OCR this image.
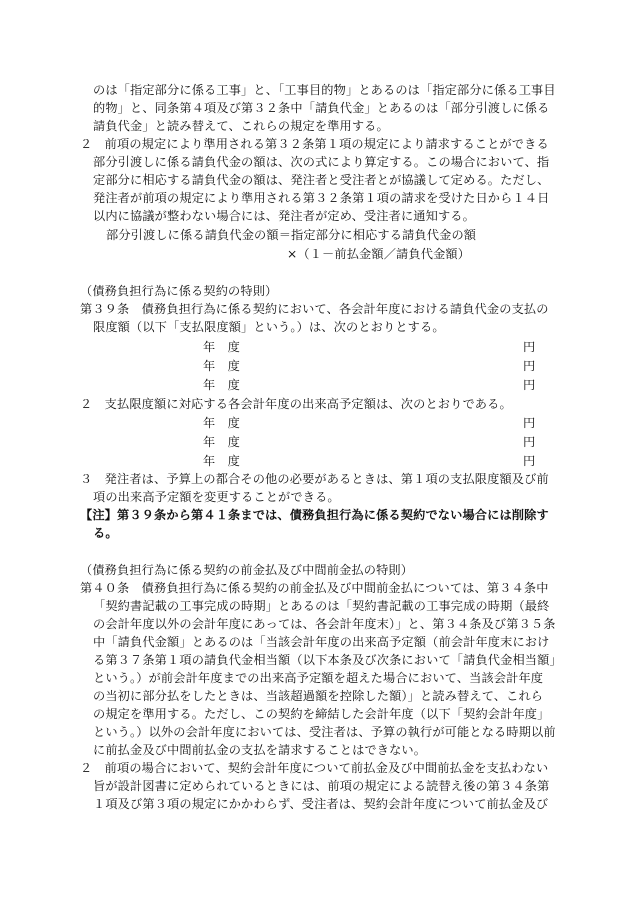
のは「指定部分に係る工事」と、「工事目的物」とあるのは「指定部分に係る工事目
的物」と、同条第４項及び第３２条中「請負代金」とあるのは「部分引渡しに係る
請負代金」と読み替えて、これらの規定を準用する。
２　前項の規定により準用される第３２条第１項の規定により請求することができる
部分引渡しに係る請負代金の額は、次の式により算定する。この場合において、指
定部分に相応する請負代金の額は、発注者と受注者とが協議して定める。ただし、
発注者が前項の規定により準用される第３２条第１項の請求を受けた日から１４日
以内に協議が整わない場合には、発注者が定め、受注者に通知する。
部分引渡しに係る請負代金の額＝指定部分に相応する請負代金の額
×（１－前払金額／請負代金額）
（債務負担行為に係る契約の特則）
第３９条　債務負担行為に係る契約において、各会計年度における請負代金の支払の
限度額（以下「支払限度額」という。）は、次のとおりとする。
年　度	円
年　度	円
年　度	円
２　支払限度額に対応する各会計年度の出来高予定額は、次のとおりである。
年　度	円
年　度	円
年　度	円
３　発注者は、予算上の都合その他の必要があるときは、第１項の支払限度額及び前
項の出来高予定額を変更することができる。
【注】第３９条から第４１条までは、債務負担行為に係る契約でない場合には削除す
る。
（債務負担行為に係る契約の前金払及び中間前金払の特則）
第４０条　債務負担行為に係る契約の前金払及び中間前金払については、第３４条中
「契約書記載の工事完成の時期」とあるのは「契約書記載の工事完成の時期（最終
の会計年度以外の会計年度にあっては、各会計年度末）」と、第３４条及び第３５条
中「請負代金額」とあるのは「当該会計年度の出来高予定額（前会計年度末におけ
る第３７条第１項の請負代金相当額（以下本条及び次条において「請負代金相当額」
という。）が前会計年度までの出来高予定額を超えた場合において、当該会計年度
の当初に部分払をしたときは、当該超過額を控除した額）」と読み替えて、これら
の規定を準用する。ただし、この契約を締結した会計年度（以下「契約会計年度」
という。）以外の会計年度においては、受注者は、予算の執行が可能となる時期以前
に前払金及び中間前払金の支払を請求することはできない。
２　前項の場合において、契約会計年度について前払金及び中間前払金を支払わない
旨が設計図書に定められているときには、前項の規定による読替え後の第３４条第
１項及び第３項の規定にかかわらず、受注者は、契約会計年度について前払金及び
